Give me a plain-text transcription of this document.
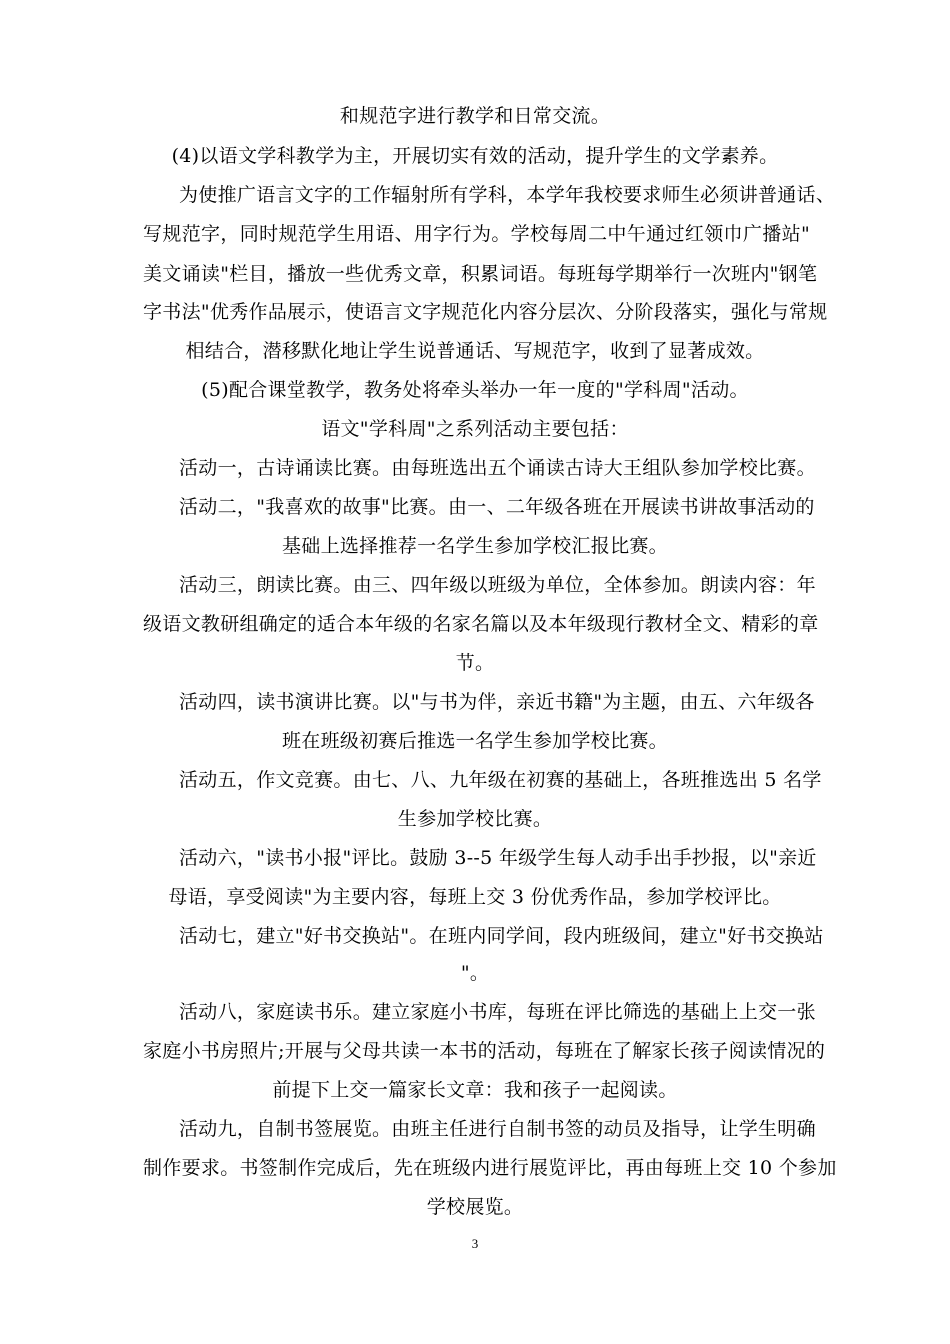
和规范字进行教学和日常交流。
(4)以语文学科教学为主，开展切实有效的活动，提升学生的文学素养。
为使推广语言文字的工作辐射所有学科，本学年我校要求师生必须讲普通话、
写规范字，同时规范学生用语、用字行为。学校每周二中午通过红领巾广播站"
美文诵读"栏目，播放一些优秀文章，积累词语。每班每学期举行一次班内"钢笔
字书法"优秀作品展示，使语言文字规范化内容分层次、分阶段落实，强化与常规
相结合，潜移默化地让学生说普通话、写规范字，收到了显著成效。
(5)配合课堂教学，教务处将牵头举办一年一度的"学科周"活动。
语文"学科周"之系列活动主要包括：
活动一，古诗诵读比赛。由每班选出五个诵读古诗大王组队参加学校比赛。
活动二，"我喜欢的故事"比赛。由一、二年级各班在开展读书讲故事活动的
基础上选择推荐一名学生参加学校汇报比赛。
活动三，朗读比赛。由三、四年级以班级为单位，全体参加。朗读内容：年
级语文教研组确定的适合本年级的名家名篇以及本年级现行教材全文、精彩的章
节。
活动四，读书演讲比赛。以"与书为伴，亲近书籍"为主题，由五、六年级各
班在班级初赛后推选一名学生参加学校比赛。
活动五，作文竞赛。由七、八、九年级在初赛的基础上，各班推选出 5 名学
生参加学校比赛。
活动六，"读书小报"评比。鼓励 3--5 年级学生每人动手出手抄报，以"亲近
母语，享受阅读"为主要内容，每班上交 3 份优秀作品，参加学校评比。
活动七，建立"好书交换站"。在班内同学间，段内班级间，建立"好书交换站
"。
活动八，家庭读书乐。建立家庭小书库，每班在评比筛选的基础上上交一张
家庭小书房照片;开展与父母共读一本书的活动，每班在了解家长孩子阅读情况的
前提下上交一篇家长文章：我和孩子一起阅读。
活动九，自制书签展览。由班主任进行自制书签的动员及指导，让学生明确
制作要求。书签制作完成后，先在班级内进行展览评比，再由每班上交 10 个参加
学校展览。
3
